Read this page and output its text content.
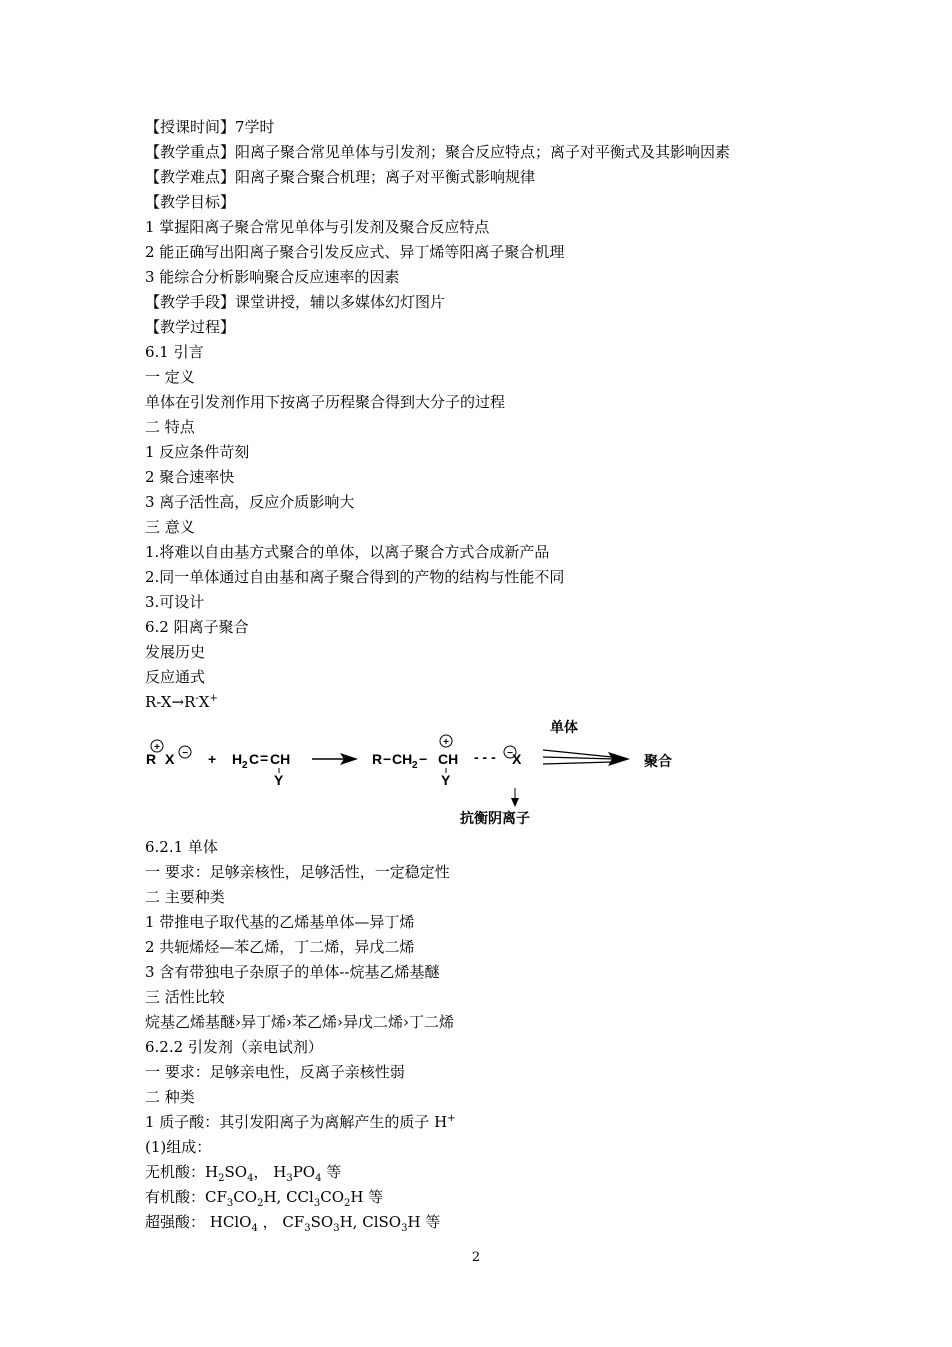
【授课时间】7学时
【教学重点】阳离子聚合常见单体与引发剂；聚合反应特点；离子对平衡式及其影响因素
【教学难点】阳离子聚合聚合机理；离子对平衡式影响规律
【教学目标】
1 掌握阳离子聚合常见单体与引发剂及聚合反应特点
2 能正确写出阳离子聚合引发反应式、异丁烯等阳离子聚合机理
3 能综合分析影响聚合反应速率的因素
【教学手段】课堂讲授，辅以多媒体幻灯图片
【教学过程】
6.1 引言
一 定义
单体在引发剂作用下按离子历程聚合得到大分子的过程
二 特点
1 反应条件苛刻
2 聚合速率快
3 离子活性高，反应介质影响大
三 意义
1.将难以自由基方式聚合的单体，以离子聚合方式合成新产品
2.同一单体通过自由基和离子聚合得到的产物的结构与性能不同
3.可设计
6.2 阳离子聚合
发展历史
反应通式
R-X→R-X+
6.2.1 单体
一 要求：足够亲核性，足够活性，一定稳定性
二 主要种类
1 带推电子取代基的乙烯基单体—异丁烯
2 共轭烯烃—苯乙烯，丁二烯，异戊二烯
3 含有带独电子杂原子的单体--烷基乙烯基醚
三 活性比较
烷基乙烯基醚›异丁烯›苯乙烯›异戊二烯›丁二烯
6.2.2 引发剂（亲电试剂）
一 要求：足够亲电性，反离子亲核性弱
二 种类
1 质子酸：其引发阳离子为离解产生的质子 H+
(1)组成：
无机酸：$H_2SO_4$， $H_3PO_4$ 等
有机酸：$CF_3CO_2H$, $CCl_3CO_2H$ 等
超强酸： HClO$_4$ ， $CF_3SO_3H$, ClSO$_3$H 等
+
R X − + H 2 C = CH
Y
R − CH 2 −
+
CH
Y
- - - − X
抗衡阴离子
单体
聚合
2
